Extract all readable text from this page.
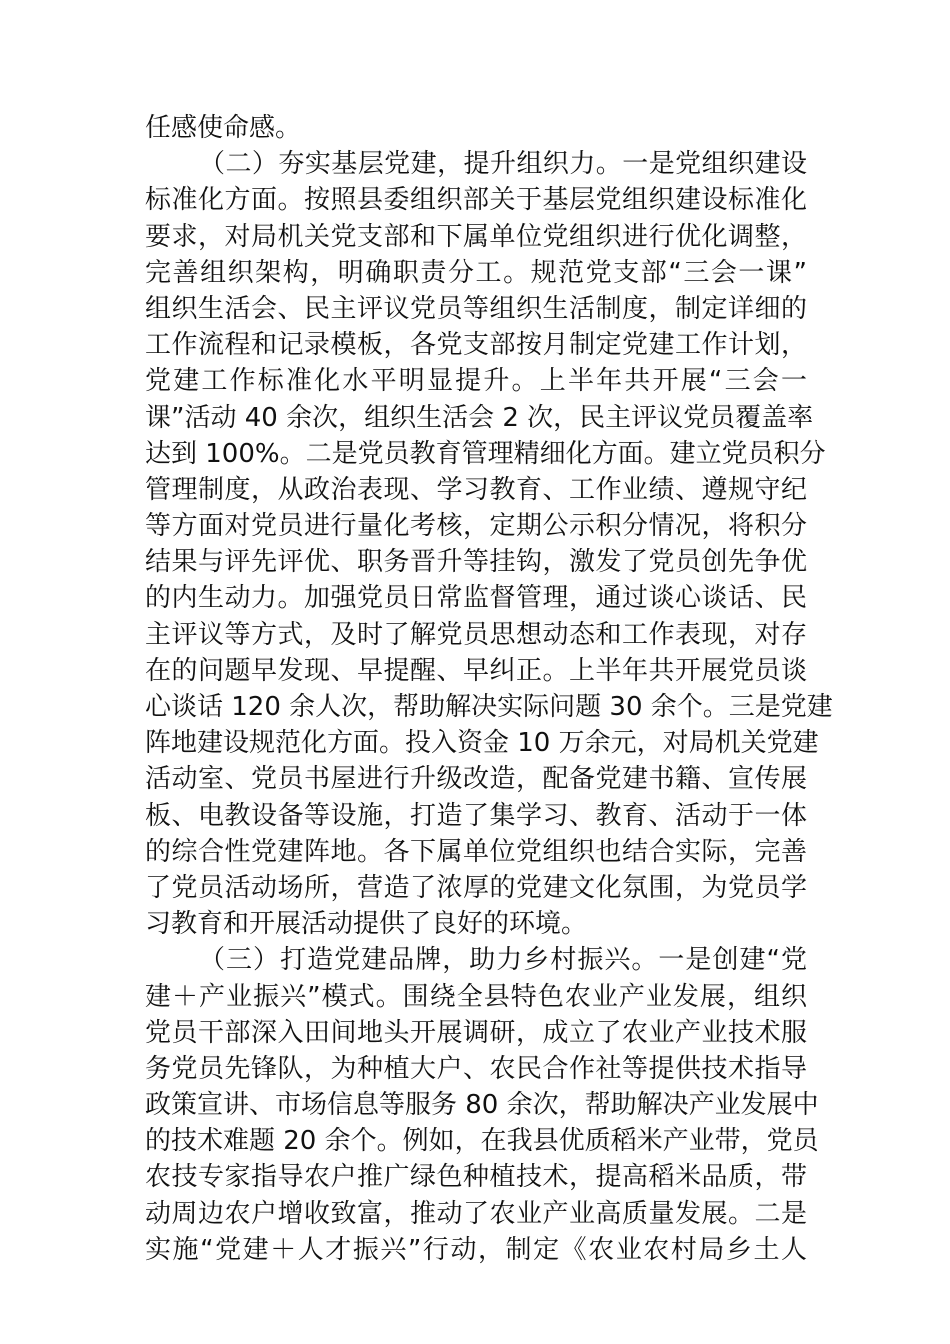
任感使命感。
（二）夯实基层党建，提升组织力。一是党组织建设
标准化方面。按照县委组织部关于基层党组织建设标准化
要求，对局机关党支部和下属单位党组织进行优化调整，
完善组织架构，明确职责分工。规范党支部“三会一课”
组织生活会、民主评议党员等组织生活制度，制定详细的
工作流程和记录模板，各党支部按月制定党建工作计划，
党建工作标准化水平明显提升。上半年共开展“三会一
课”活动 40 余次，组织生活会 2 次，民主评议党员覆盖率
达到 100%。二是党员教育管理精细化方面。建立党员积分
管理制度，从政治表现、学习教育、工作业绩、遵规守纪
等方面对党员进行量化考核，定期公示积分情况，将积分
结果与评先评优、职务晋升等挂钩，激发了党员创先争优
的内生动力。加强党员日常监督管理，通过谈心谈话、民
主评议等方式，及时了解党员思想动态和工作表现，对存
在的问题早发现、早提醒、早纠正。上半年共开展党员谈
心谈话 120 余人次，帮助解决实际问题 30 余个。三是党建
阵地建设规范化方面。投入资金 10 万余元，对局机关党建
活动室、党员书屋进行升级改造，配备党建书籍、宣传展
板、电教设备等设施，打造了集学习、教育、活动于一体
的综合性党建阵地。各下属单位党组织也结合实际，完善
了党员活动场所，营造了浓厚的党建文化氛围，为党员学
习教育和开展活动提供了良好的环境。
（三）打造党建品牌，助力乡村振兴。一是创建“党
建＋产业振兴”模式。围绕全县特色农业产业发展，组织
党员干部深入田间地头开展调研，成立了农业产业技术服
务党员先锋队，为种植大户、农民合作社等提供技术指导
政策宣讲、市场信息等服务 80 余次，帮助解决产业发展中
的技术难题 20 余个。例如，在我县优质稻米产业带，党员
农技专家指导农户推广绿色种植技术，提高稻米品质，带
动周边农户增收致富，推动了农业产业高质量发展。二是
实施“党建＋人才振兴”行动，制定《农业农村局乡土人
